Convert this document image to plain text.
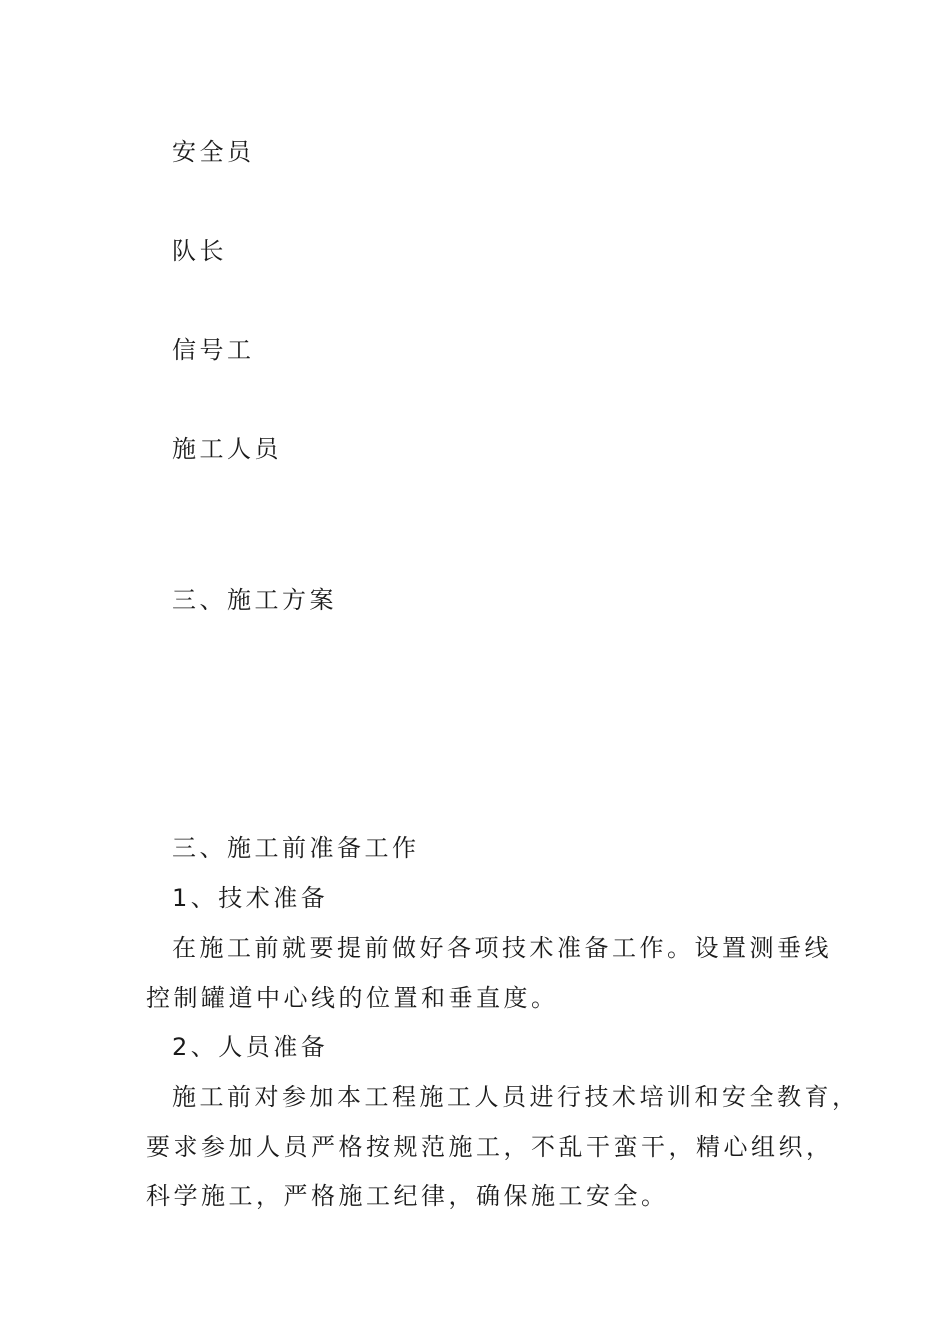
安全员
队长
信号工
施工人员
三、施工方案
三、施工前准备工作
1、技术准备
在施工前就要提前做好各项技术准备工作。设置测垂线
控制罐道中心线的位置和垂直度。
2、人员准备
施工前对参加本工程施工人员进行技术培训和安全教育，
要求参加人员严格按规范施工，不乱干蛮干，精心组织，
科学施工，严格施工纪律，确保施工安全。
